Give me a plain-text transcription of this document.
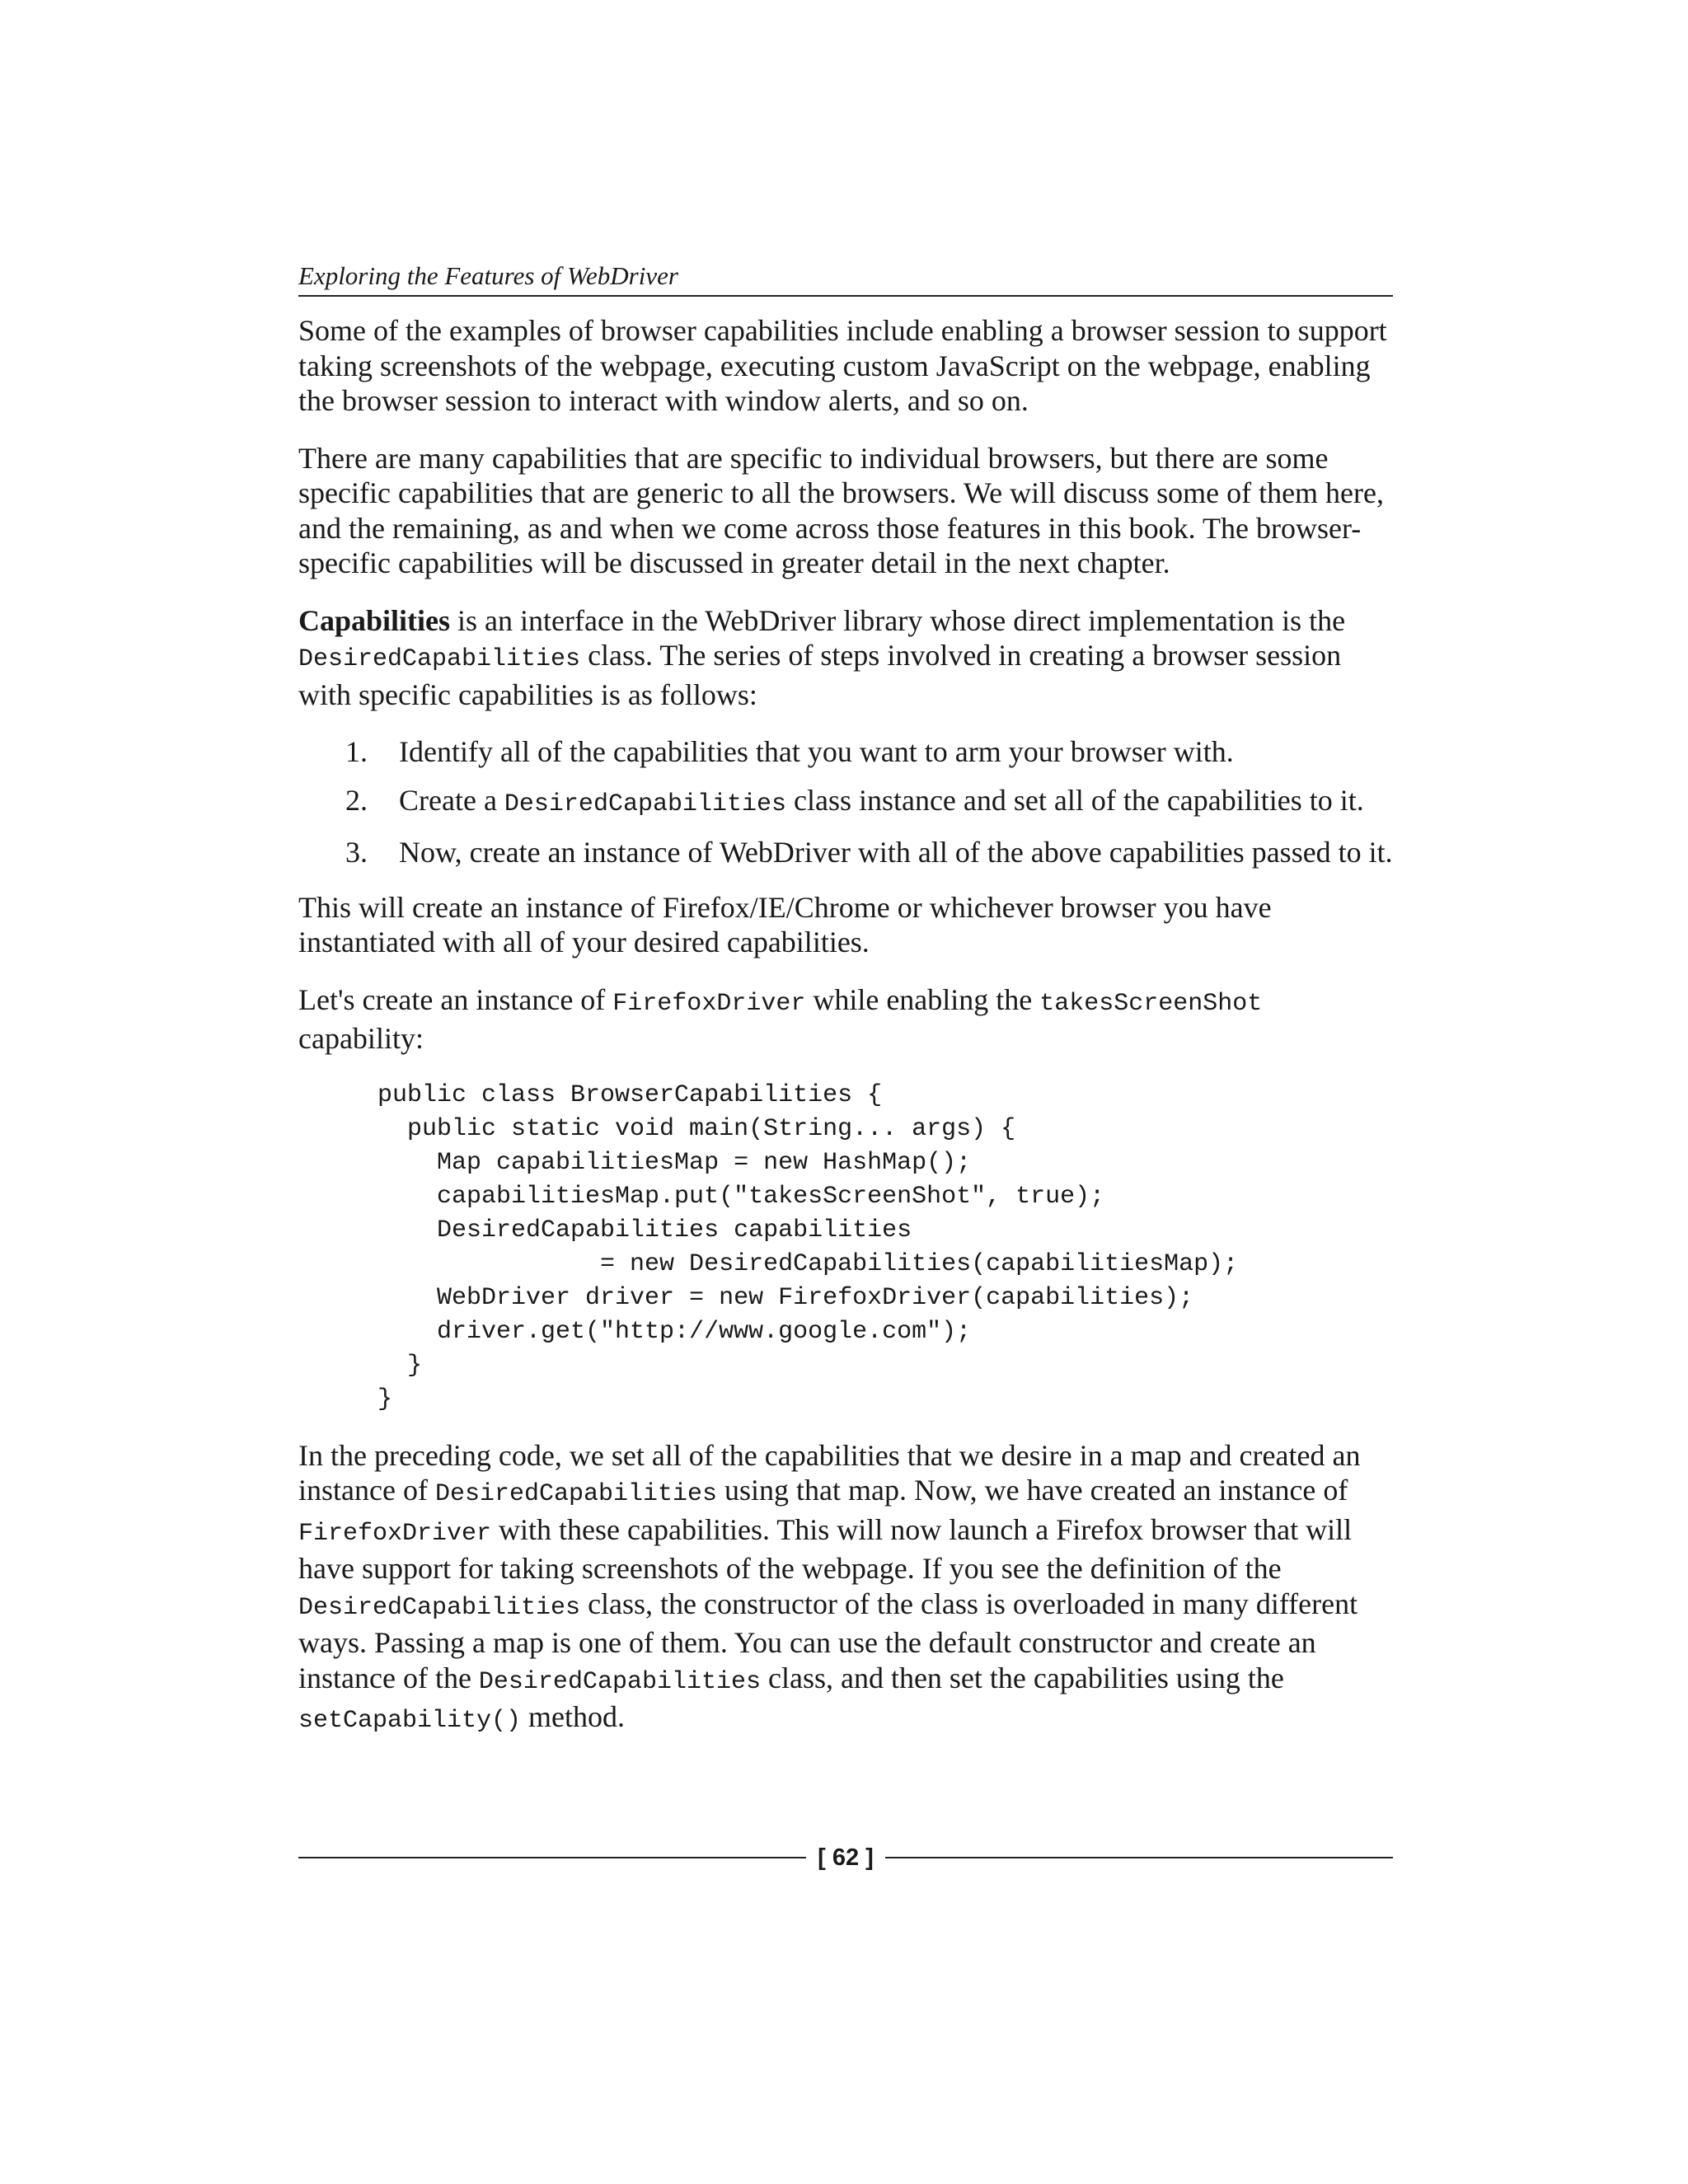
Exploring the Features of WebDriver

Some of the examples of browser capabilities include enabling a browser session to support taking screenshots of the webpage, executing custom JavaScript on the webpage, enabling the browser session to interact with window alerts, and so on.

There are many capabilities that are specific to individual browsers, but there are some specific capabilities that are generic to all the browsers. We will discuss some of them here, and the remaining, as and when we come across those features in this book. The browser-specific capabilities will be discussed in greater detail in the next chapter.

Capabilities is an interface in the WebDriver library whose direct implementation is the DesiredCapabilities class. The series of steps involved in creating a browser session with specific capabilities is as follows:

1. Identify all of the capabilities that you want to arm your browser with.
2. Create a DesiredCapabilities class instance and set all of the capabilities to it.
3. Now, create an instance of WebDriver with all of the above capabilities passed to it.

This will create an instance of Firefox/IE/Chrome or whichever browser you have instantiated with all of your desired capabilities.

Let's create an instance of FirefoxDriver while enabling the takesScreenShot capability:

public class BrowserCapabilities {
public static void main(String... args) {
Map capabilitiesMap = new HashMap();
capabilitiesMap.put("takesScreenShot", true);
DesiredCapabilities capabilities
= new DesiredCapabilities(capabilitiesMap);
WebDriver driver = new FirefoxDriver(capabilities);
driver.get("http://www.google.com");
}
}

In the preceding code, we set all of the capabilities that we desire in a map and created an instance of DesiredCapabilities using that map. Now, we have created an instance of FirefoxDriver with these capabilities. This will now launch a Firefox browser that will have support for taking screenshots of the webpage. If you see the definition of the DesiredCapabilities class, the constructor of the class is overloaded in many different ways. Passing a map is one of them. You can use the default constructor and create an instance of the DesiredCapabilities class, and then set the capabilities using the setCapability() method.

[ 62 ]
